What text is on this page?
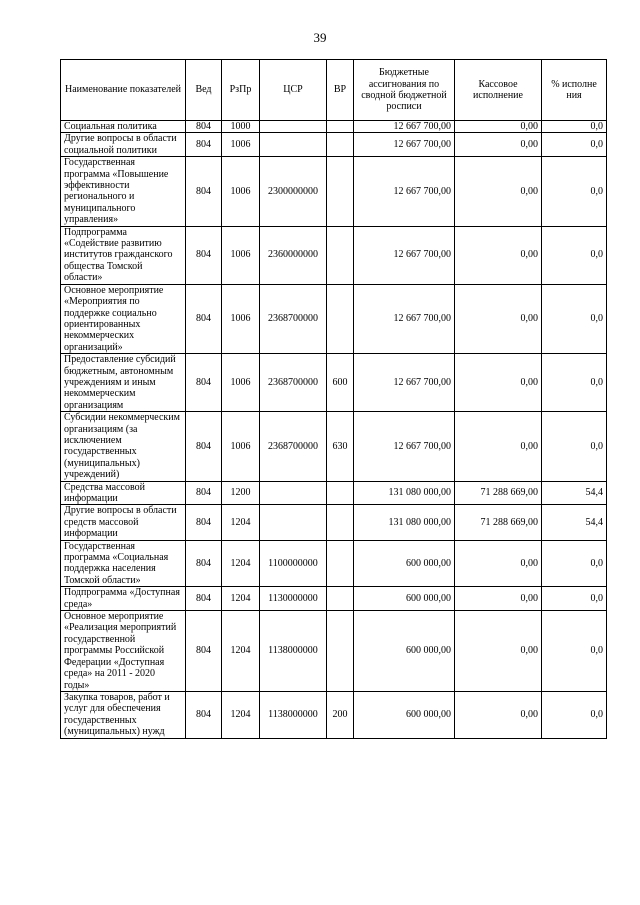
39
Наименование показателей	Вед	РзПр	ЦСР	ВР	Бюджетные ассигнования по сводной бюджетной росписи	Кассовое исполнение	% исполне ния
Социальная политика	804	1000			12 667 700,00	0,00	0,0
Другие вопросы в области социальной политики	804	1006			12 667 700,00	0,00	0,0
Государственная программа «Повышение эффективности регионального и муниципального управления»	804	1006	2300000000		12 667 700,00	0,00	0,0
Подпрограмма «Содействие развитию институтов гражданского общества Томской области»	804	1006	2360000000		12 667 700,00	0,00	0,0
Основное мероприятие «Мероприятия по поддержке социально ориентированных некоммерческих организаций»	804	1006	2368700000		12 667 700,00	0,00	0,0
Предоставление субсидий бюджетным, автономным учреждениям и иным некоммерческим организациям	804	1006	2368700000	600	12 667 700,00	0,00	0,0
Субсидии некоммерческим организациям (за исключением государственных (муниципальных) учреждений)	804	1006	2368700000	630	12 667 700,00	0,00	0,0
Средства массовой информации	804	1200			131 080 000,00	71 288 669,00	54,4
Другие вопросы в области средств массовой информации	804	1204			131 080 000,00	71 288 669,00	54,4
Государственная программа «Социальная поддержка населения Томской области»	804	1204	1100000000		600 000,00	0,00	0,0
Подпрограмма «Доступная среда»	804	1204	1130000000		600 000,00	0,00	0,0
Основное мероприятие «Реализация мероприятий государственной программы Российской Федерации «Доступная среда» на 2011 - 2020 годы»	804	1204	1138000000		600 000,00	0,00	0,0
Закупка товаров, работ и услуг для обеспечения государственных (муниципальных) нужд	804	1204	1138000000	200	600 000,00	0,00	0,0
